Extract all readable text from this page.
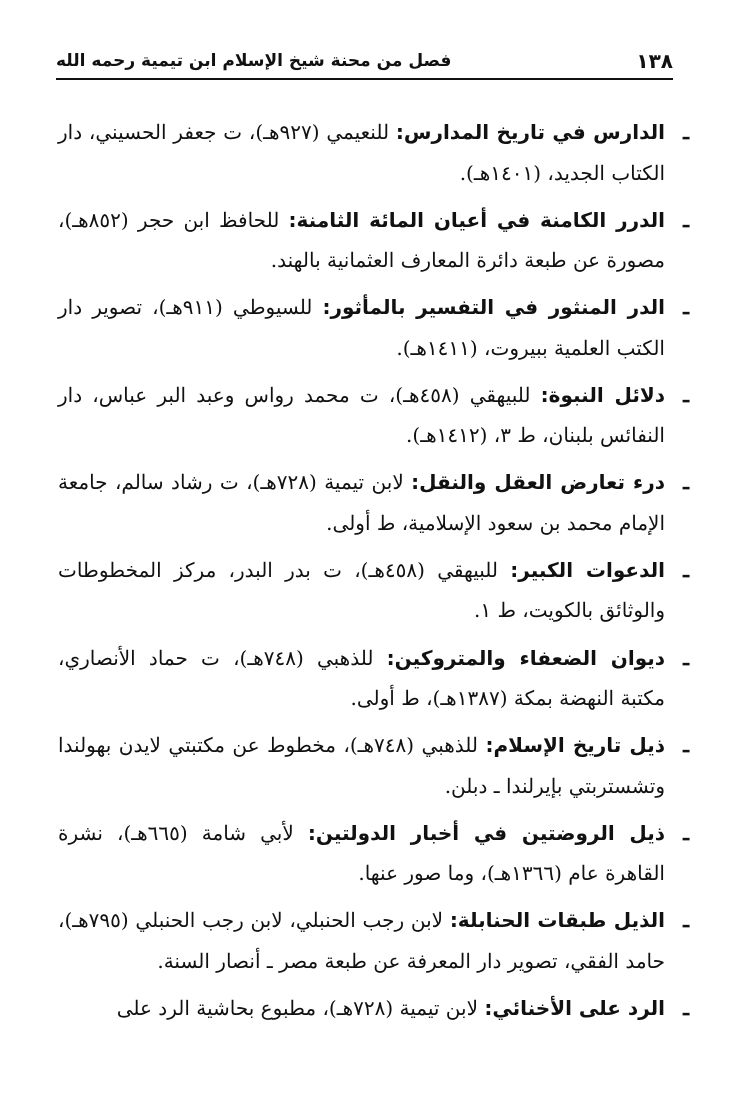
١٣٨
فصل من محنة شيخ الإسلام ابن تيمية رحمه الله

ـ
الدارس في تاريخ المدارس: للنعيمي (٩٢٧هـ)، ت جعفر الحسيني، دار الكتاب الجديد، (١٤٠١هـ).

ـ
الدرر الكامنة في أعيان المائة الثامنة: للحافظ ابن حجر (٨٥٢هـ)، مصورة عن طبعة دائرة المعارف العثمانية بالهند.

ـ
الدر المنثور في التفسير بالمأثور: للسيوطي (٩١١هـ)، تصوير دار الكتب العلمية ببيروت، (١٤١١هـ).

ـ
دلائل النبوة: للبيهقي (٤٥٨هـ)، ت محمد رواس وعبد البر عباس، دار النفائس بلبنان، ط ٣، (١٤١٢هـ).

ـ
درء تعارض العقل والنقل: لابن تيمية (٧٢٨هـ)، ت رشاد سالم، جامعة الإمام محمد بن سعود الإسلامية، ط أولى.

ـ
الدعوات الكبير: للبيهقي (٤٥٨هـ)، ت بدر البدر، مركز المخطوطات والوثائق بالكويت، ط ١.

ـ
ديوان الضعفاء والمتروكين: للذهبي (٧٤٨هـ)، ت حماد الأنصاري، مكتبة النهضة بمكة (١٣٨٧هـ)، ط أولى.

ـ
ذيل تاريخ الإسلام: للذهبي (٧٤٨هـ)، مخطوط عن مكتبتي لايدن بهولندا وتشستربتي بإيرلندا ـ دبلن.

ـ
ذيل الروضتين في أخبار الدولتين: لأبي شامة (٦٦٥هـ)، نشرة القاهرة عام (١٣٦٦هـ)، وما صور عنها.

ـ
الذيل طبقات الحنابلة: لابن رجب الحنبلي، لابن رجب الحنبلي (٧٩٥هـ)، حامد الفقي، تصوير دار المعرفة عن طبعة مصر ـ أنصار السنة.

ـ
الرد على الأخنائي: لابن تيمية (٧٢٨هـ)، مطبوع بحاشية الرد على
